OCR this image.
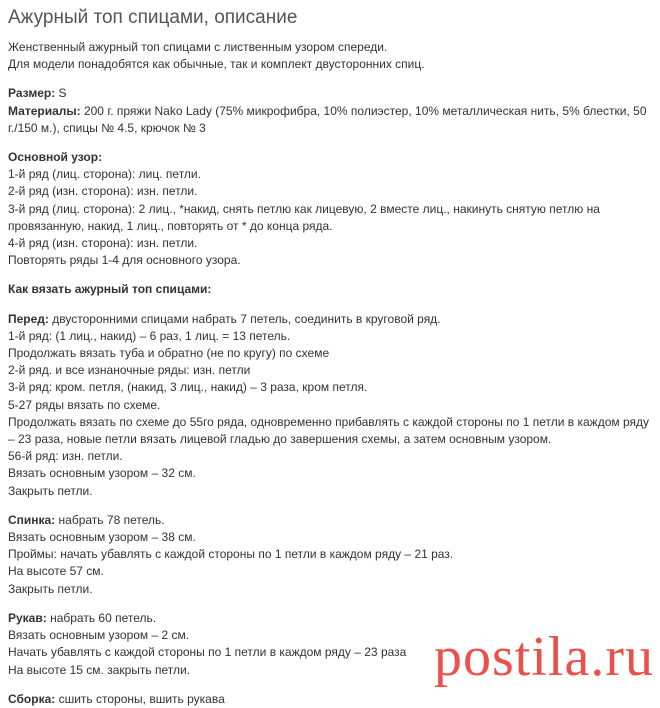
Ажурный топ спицами, описание

Женственный ажурный топ спицами с лиственным узором спереди.

Для модели понадобятся как обычные, так и комплект двусторонних спиц.

Размер: S

Материалы: 200 г. пряжи Nako Lady (75% микрофибра, 10% полиэстер, 10% металлическая нить, 5% блестки, 50 г./150 м.), спицы № 4.5, крючок № 3

Основной узор:

1-й ряд (лиц. сторона): лиц. петли.

2-й ряд (изн. сторона): изн. петли.

3-й ряд (лиц. сторона): 2 лиц., *накид, снять петлю как лицевую, 2 вместе лиц., накинуть снятую петлю на провязанную, накид, 1 лиц., повторять от * до конца ряда.

4-й ряд (изн. сторона): изн. петли.

Повторять ряды 1-4 для основного узора.

Как вязать ажурный топ спицами:

Перед: двусторонними спицами набрать 7 петель, соединить в круговой ряд.

1-й ряд: (1 лиц., накид) – 6 раз, 1 лиц. = 13 петель.

Продолжать вязать туба и обратно (не по кругу) по схеме

2-й ряд. и все изнаночные ряды: изн. петли

3-й ряд: кром. петля, (накид, 3 лиц., накид) – 3 раза, кром петля.

5-27 ряды вязать по схеме.

Продолжать вязать по схеме до 55го ряда, одновременно прибавлять с каждой стороны по 1 петли в каждом ряду – 23 раза, новые петли вязать лицевой гладью до завершения схемы, а затем основным узором.

56-й ряд: изн. петли.

Вязать основным узором – 32 см.

Закрыть петли.

Спинка: набрать 78 петель.

Вязать основным узором – 38 см.

Проймы: начать убавлять с каждой стороны по 1 петли в каждом ряду – 21 раз.

На высоте 57 см.

Закрыть петли.

Рукав: набрать 60 петель.

Вязать основным узором – 2 см.

Начать убавлять с каждой стороны по 1 петли в каждом ряду – 23 раза

На высоте 15 см. закрыть петли.

Сборка: сшить стороны, вшить рукава

postila.ru
